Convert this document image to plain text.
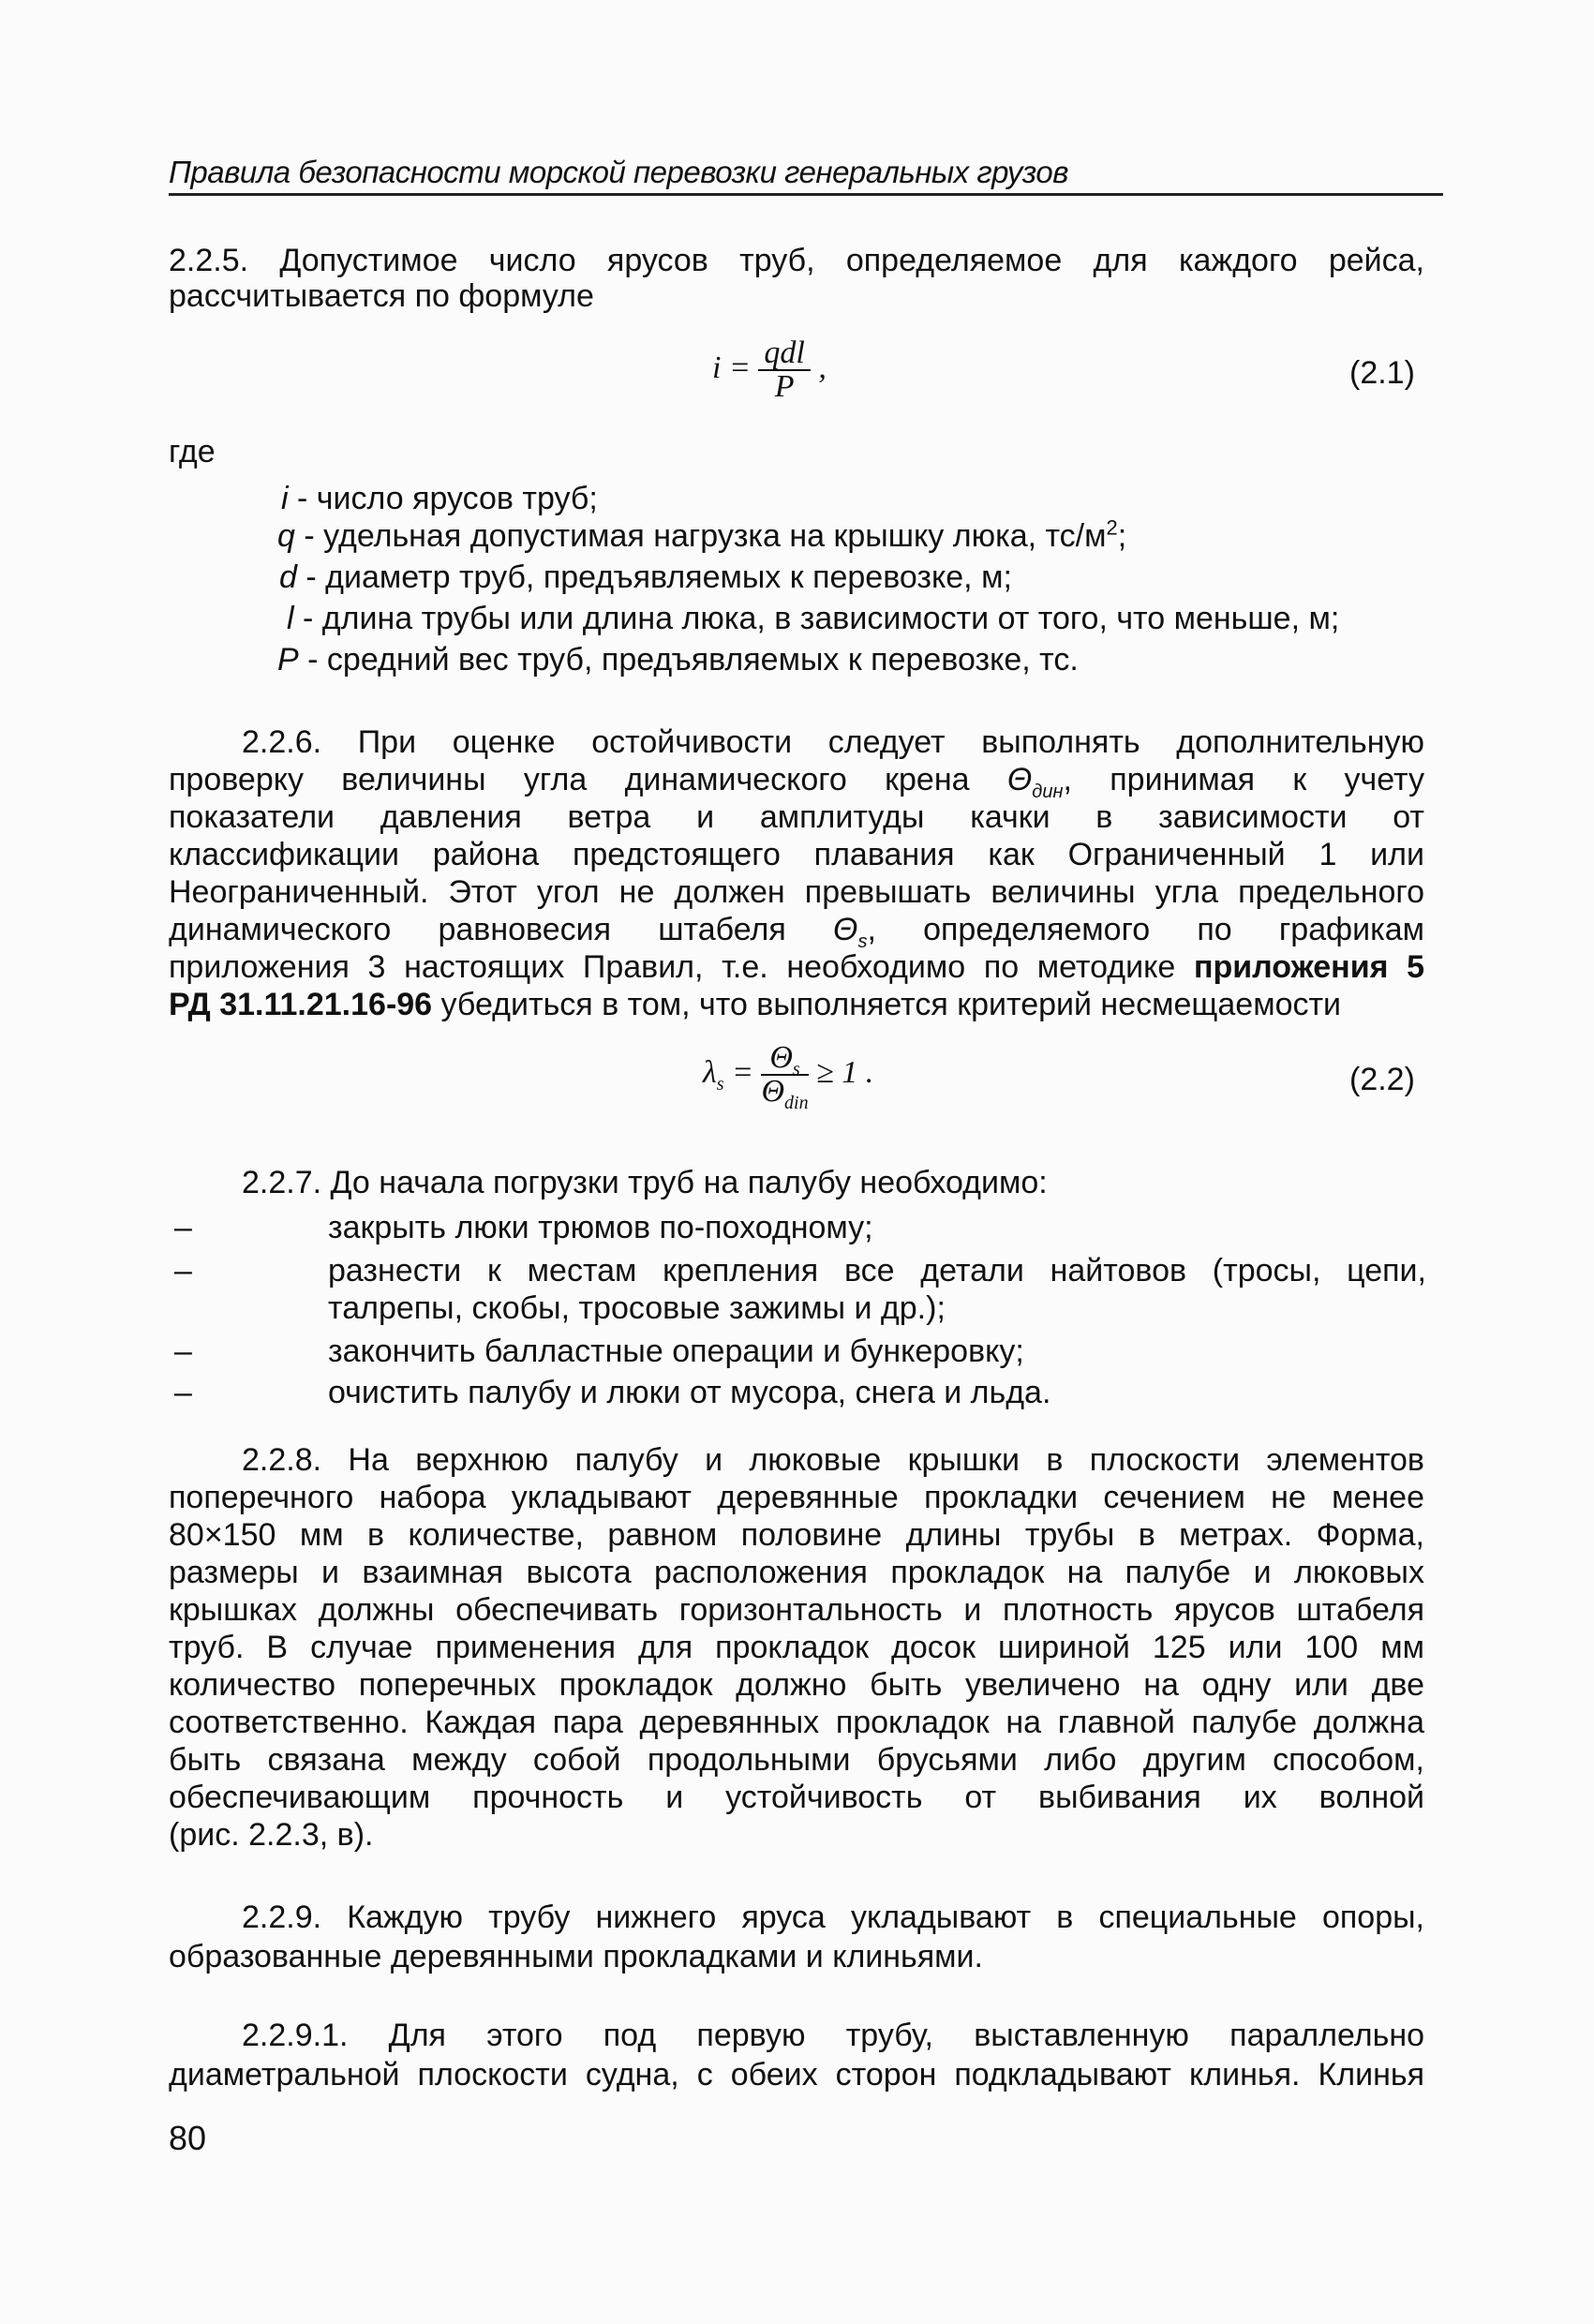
Правила безопасности морской перевозки генеральных грузов
2.2.5. Допустимое число ярусов труб, определяемое для каждого рейса,
рассчитывается по формуле
$i = \frac{\text{qdl}}{P}$ ,	(2.1)
где
i - число ярусов труб;
q - удельная допустимая нагрузка на крышку люка, $тс/м^2$;
d - диаметр труб, предъявляемых к перевозке, м;
l - длина трубы или длина люка, в зависимости от того, что меньше, м;
P - средний вес труб, предъявляемых к перевозке, тс.
2.2.6. При оценке остойчивости следует выполнять дополнительную
проверку величины угла динамического крена $\Theta_{дин}$, принимая к учету
показатели давления ветра и амплитуды качки в зависимости от
классификации района предстоящего плавания как Ограниченный 1 или
Неограниченный. Этот угол не должен превышать величины угла предельного
динамического равновесия штабеля $\Theta_s$, определяемого по графикам
приложения 3 настоящих Правил, т.е. необходимо по методике приложения 5
РД 31.11.21.16-96 убедиться в том, что выполняется критерий несмещаемости
$\lambda_s = \frac{\Theta_s}{\Theta_{din}} \ge 1$ .	(2.2)
2.2.7. До начала погрузки труб на палубу необходимо:
–	закрыть люки трюмов по-походному;
–	разнести к местам крепления все детали найтовов (тросы, цепи,
талрепы, скобы, тросовые зажимы и др.);
–	закончить балластные операции и бункеровку;
–	очистить палубу и люки от мусора, снега и льда.
2.2.8. На верхнюю палубу и люковые крышки в плоскости элементов
поперечного набора укладывают деревянные прокладки сечением не менее
80×150 мм в количестве, равном половине длины трубы в метрах. Форма,
размеры и взаимная высота расположения прокладок на палубе и люковых
крышках должны обеспечивать горизонтальность и плотность ярусов штабеля
труб. В случае применения для прокладок досок шириной 125 или 100 мм
количество поперечных прокладок должно быть увеличено на одну или две
соответственно. Каждая пара деревянных прокладок на главной палубе должна
быть связана между собой продольными брусьями либо другим способом,
обеспечивающим прочность и устойчивость от выбивания их волной
(рис. 2.2.3, в).
2.2.9. Каждую трубу нижнего яруса укладывают в специальные опоры,
образованные деревянными прокладками и клиньями.
2.2.9.1. Для этого под первую трубу, выставленную параллельно
диаметральной плоскости судна, с обеих сторон подкладывают клинья. Клинья
80
